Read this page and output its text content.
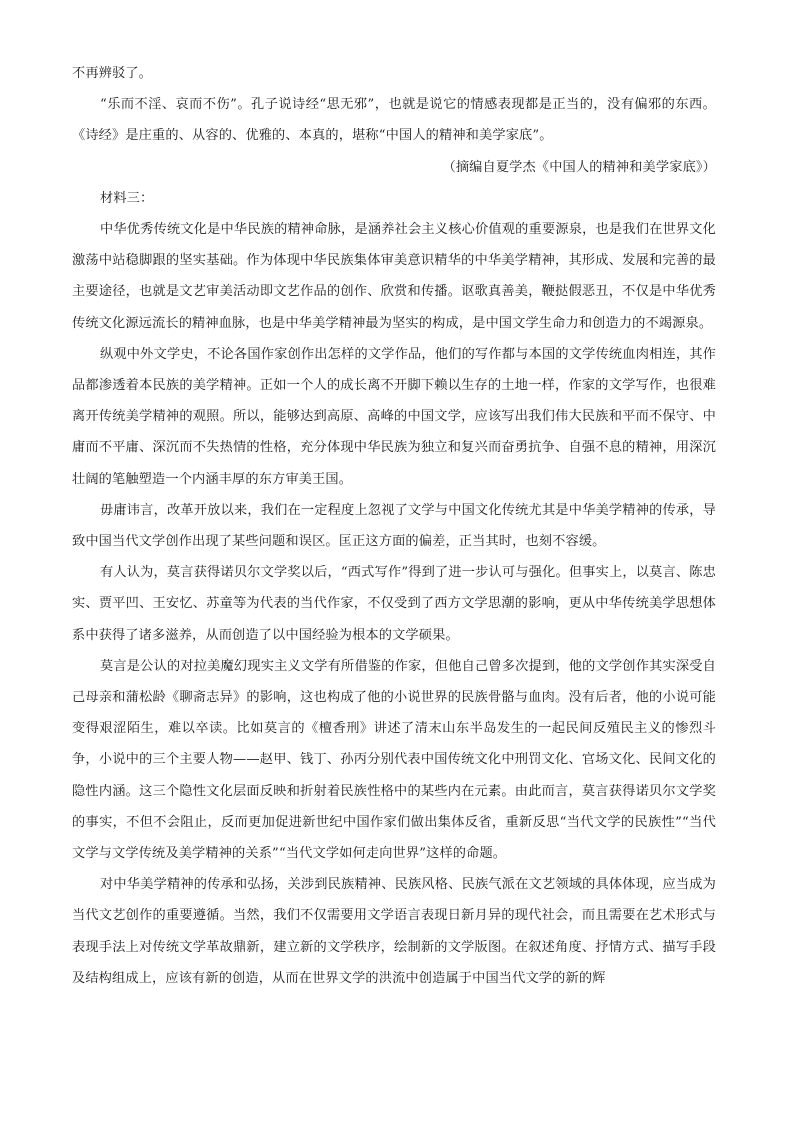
不再辨驳了。

“乐而不淫、哀而不伤”。孔子说诗经“思无邪”，也就是说它的情感表现都是正当的，没有偏邪的东西。《诗经》是庄重的、从容的、优雅的、本真的，堪称“中国人的精神和美学家底”。

（摘编自夏学杰《中国人的精神和美学家底》）

材料三：

中华优秀传统文化是中华民族的精神命脉，是涵养社会主义核心价值观的重要源泉，也是我们在世界文化激荡中站稳脚跟的坚实基础。作为体现中华民族集体审美意识精华的中华美学精神，其形成、发展和完善的最主要途径，也就是文艺审美活动即文艺作品的创作、欣赏和传播。讴歌真善美，鞭挞假恶丑，不仅是中华优秀传统文化源远流长的精神血脉，也是中华美学精神最为坚实的构成，是中国文学生命力和创造力的不竭源泉。

纵观中外文学史，不论各国作家创作出怎样的文学作品，他们的写作都与本国的文学传统血肉相连，其作品都渗透着本民族的美学精神。正如一个人的成长离不开脚下赖以生存的土地一样，作家的文学写作，也很难离开传统美学精神的观照。所以，能够达到高原、高峰的中国文学，应该写出我们伟大民族和平而不保守、中庸而不平庸、深沉而不失热情的性格，充分体现中华民族为独立和复兴而奋勇抗争、自强不息的精神，用深沉壮阔的笔触塑造一个内涵丰厚的东方审美王国。

毋庸讳言，改革开放以来，我们在一定程度上忽视了文学与中国文化传统尤其是中华美学精神的传承，导致中国当代文学创作出现了某些问题和误区。匡正这方面的偏差，正当其时，也刻不容缓。

有人认为，莫言获得诺贝尔文学奖以后，“西式写作”得到了进一步认可与强化。但事实上，以莫言、陈忠实、贾平凹、王安忆、苏童等为代表的当代作家，不仅受到了西方文学思潮的影响，更从中华传统美学思想体系中获得了诸多滋养，从而创造了以中国经验为根本的文学硕果。

莫言是公认的对拉美魔幻现实主义文学有所借鉴的作家，但他自己曾多次提到，他的文学创作其实深受自己母亲和蒲松龄《聊斋志异》的影响，这也构成了他的小说世界的民族骨骼与血肉。没有后者，他的小说可能变得艰涩陌生，难以卒读。比如莫言的《檀香刑》讲述了清末山东半岛发生的一起民间反殖民主义的惨烈斗争，小说中的三个主要人物——赵甲、钱丁、孙丙分别代表中国传统文化中刑罚文化、官场文化、民间文化的隐性内涵。这三个隐性文化层面反映和折射着民族性格中的某些内在元素。由此而言，莫言获得诺贝尔文学奖的事实，不但不会阻止，反而更加促进新世纪中国作家们做出集体反省，重新反思“当代文学的民族性”“当代文学与文学传统及美学精神的关系”“当代文学如何走向世界”这样的命题。

对中华美学精神的传承和弘扬，关涉到民族精神、民族风格、民族气派在文艺领域的具体体现，应当成为当代文艺创作的重要遵循。当然，我们不仅需要用文学语言表现日新月异的现代社会，而且需要在艺术形式与表现手法上对传统文学革故鼎新，建立新的文学秩序，绘制新的文学版图。在叙述角度、抒情方式、描写手段及结构组成上，应该有新的创造，从而在世界文学的洪流中创造属于中国当代文学的新的辉
